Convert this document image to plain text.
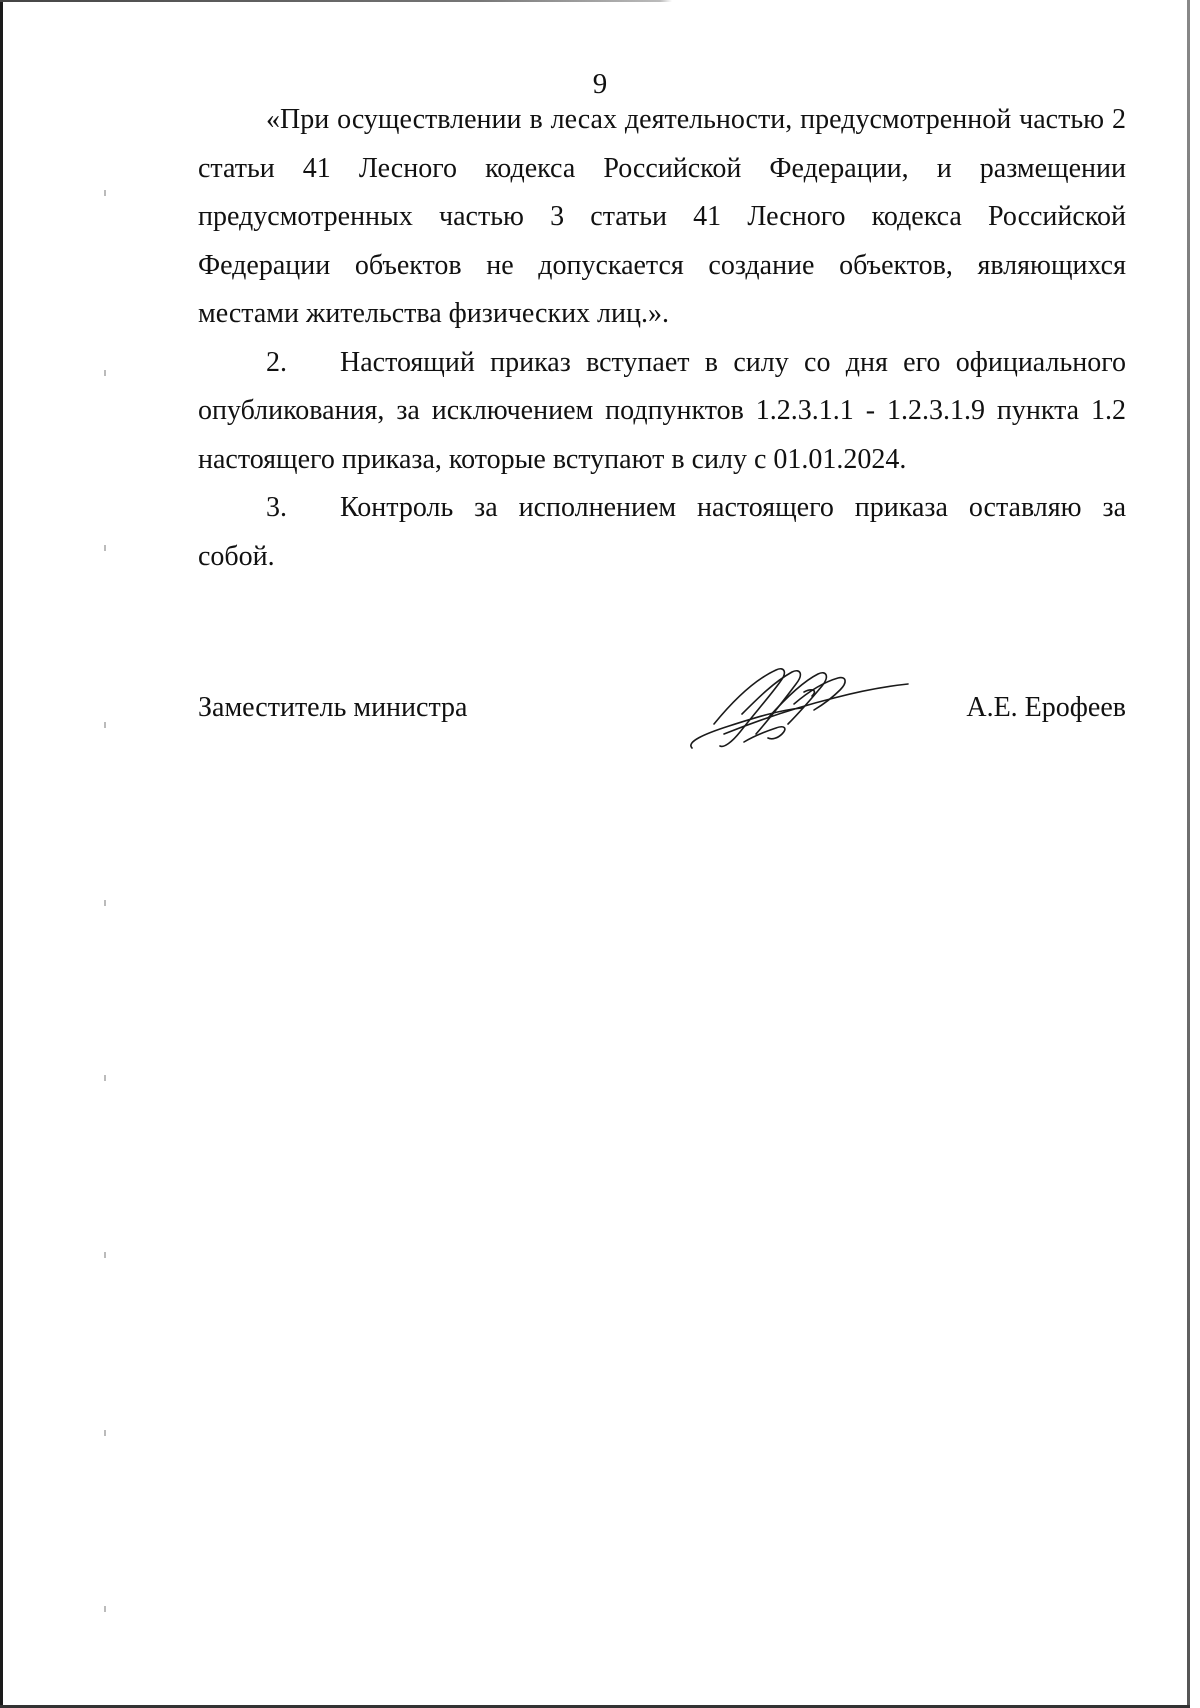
9

«При осуществлении в лесах деятельности, предусмотренной частью 2 статьи 41 Лесного кодекса Российской Федерации, и размещении предусмотренных частью 3 статьи 41 Лесного кодекса Российской Федерации объектов не допускается создание объектов, являющихся местами жительства физических лиц.».

2. Настоящий приказ вступает в силу со дня его официального опубликования, за исключением подпунктов 1.2.3.1.1 - 1.2.3.1.9 пункта 1.2 настоящего приказа, которые вступают в силу с 01.01.2024.

3. Контроль за исполнением настоящего приказа оставляю за собой.

Заместитель министра	А.Е. Ерофеев
